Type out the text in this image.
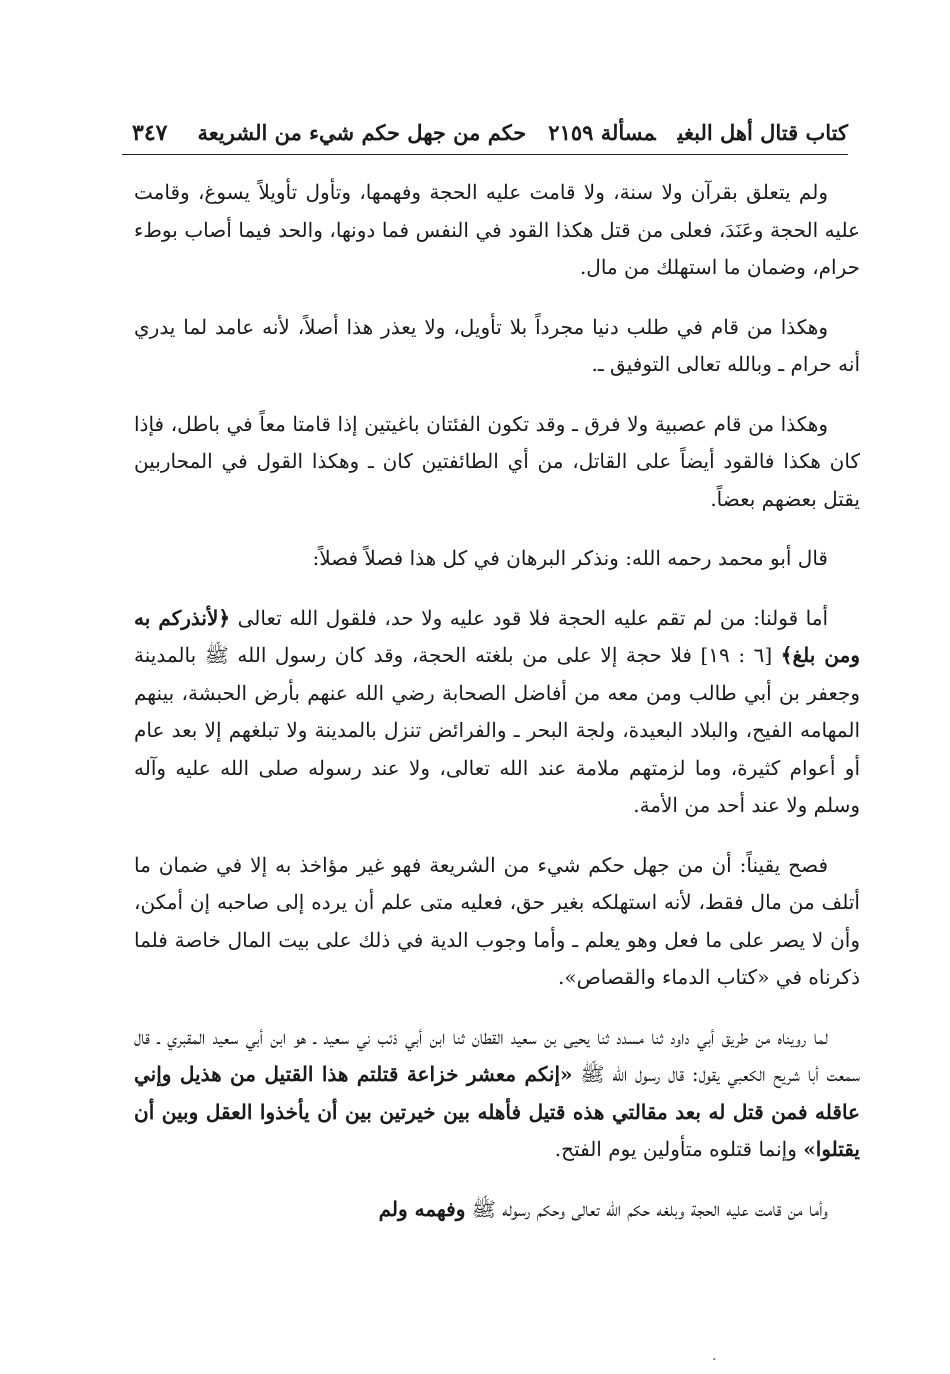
كتاب قتال أهل البغيمسألة ٢١٥٩حكم من جهل حكم شيء من الشريعة
٣٤٧

ولم يتعلق بقرآن ولا سنة، ولا قامت عليه الحجة وفهمها، وتأول تأويلاً يسوغ، وقامت عليه الحجة وعَنَدَ، فعلى من قتل هكذا القود في النفس فما دونها، والحد فيما أصاب بوطء حرام، وضمان ما استهلك من مال.

وهكذا من قام في طلب دنيا مجرداً بلا تأويل، ولا يعذر هذا أصلاً، لأنه عامد لما يدري أنه حرام ـ وبالله تعالى التوفيق ـ.

وهكذا من قام عصبية ولا فرق ـ وقد تكون الفئتان باغيتين إذا قامتا معاً في باطل، فإذا كان هكذا فالقود أيضاً على القاتل، من أي الطائفتين كان ـ وهكذا القول في المحاربين يقتل بعضهم بعضاً.

قال أبو محمد رحمه الله: ونذكر البرهان في كل هذا فصلاً فصلاً:

أما قولنا: من لم تقم عليه الحجة فلا قود عليه ولا حد، فلقول الله تعالى ﴿لأنذركم به ومن بلغ﴾ [٦ : ١٩] فلا حجة إلا على من بلغته الحجة، وقد كان رسول الله ﷺ بالمدينة وجعفر بن أبي طالب ومن معه من أفاضل الصحابة رضي الله عنهم بأرض الحبشة، بينهم المهامه الفيح، والبلاد البعيدة، ولجة البحر ـ والفرائض تنزل بالمدينة ولا تبلغهم إلا بعد عام أو أعوام كثيرة، وما لزمتهم ملامة عند الله تعالى، ولا عند رسوله صلى الله عليه وآله وسلم ولا عند أحد من الأمة.

فصح يقيناً: أن من جهل حكم شيء من الشريعة فهو غير مؤاخذ به إلا في ضمان ما أتلف من مال فقط، لأنه استهلكه بغير حق، فعليه متى علم أن يرده إلى صاحبه إن أمكن، وأن لا يصر على ما فعل وهو يعلم ـ وأما وجوب الدية في ذلك على بيت المال خاصة فلما ذكرناه في «كتاب الدماء والقصاص».

لما رويناه من طريق أبي داود ثنا مسدد ثنا يحيى بن سعيد القطان ثنا ابن أبي ذئب ني سعيد ـ هو ابن أبي سعيد المقبري ـ قال سمعت أبا شريح الكعبي يقول: قال رسول الله ﷺ «إنكم معشر خزاعة قتلتم هذا القتيل من هذيل وإني عاقله فمن قتل له بعد مقالتي هذه قتيل فأهله بين خيرتين بين أن يأخذوا العقل وبين أن يقتلوا» وإنما قتلوه متأولين يوم الفتح.

وأما من قامت عليه الحجة وبلغه حكم الله تعالى وحكم رسوله ﷺ وفهمه ولم

·
